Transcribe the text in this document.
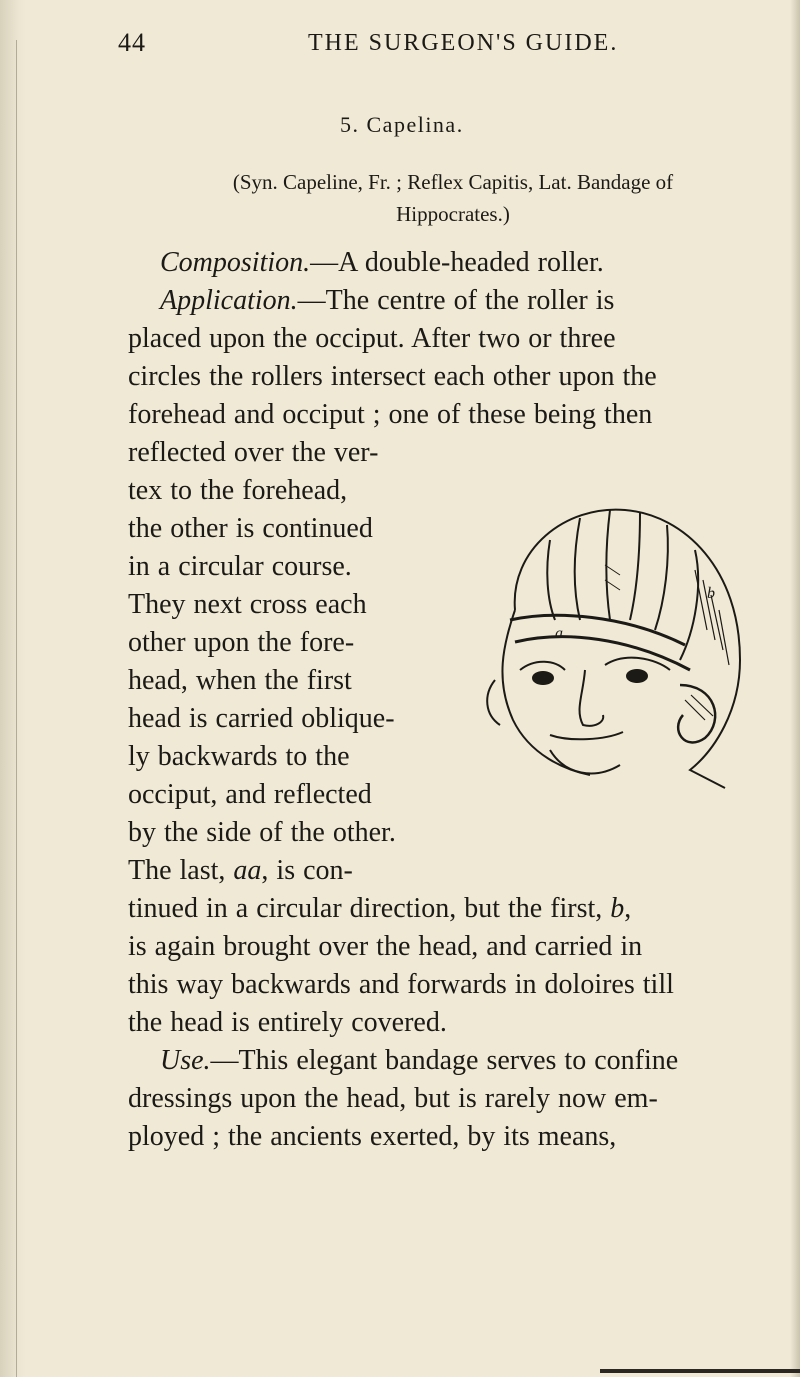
44	THE SURGEON'S GUIDE.
5. Capelina.
(Syn. Capeline, Fr. ; Reflex Capitis, Lat. Bandage of
Hippocrates.)
Composition.—A double-headed roller.
Application.—The centre of the roller is
placed upon the occiput. After two or three
circles the rollers intersect each other upon the
forehead and occiput ; one of these being then
reflected over the ver-
tex to the forehead,
the other is continued
in a circular course.
They next cross each
other upon the fore-
head, when the first
head is carried oblique-
ly backwards to the
occiput, and reflected
by the side of the other.
The last, aa, is con-
tinued in a circular direction, but the first, b,
is again brought over the head, and carried in
this way backwards and forwards in doloires till
the head is entirely covered.
Use.—This elegant bandage serves to confine
dressings upon the head, but is rarely now em-
ployed ; the ancients exerted, by its means,
a
b
